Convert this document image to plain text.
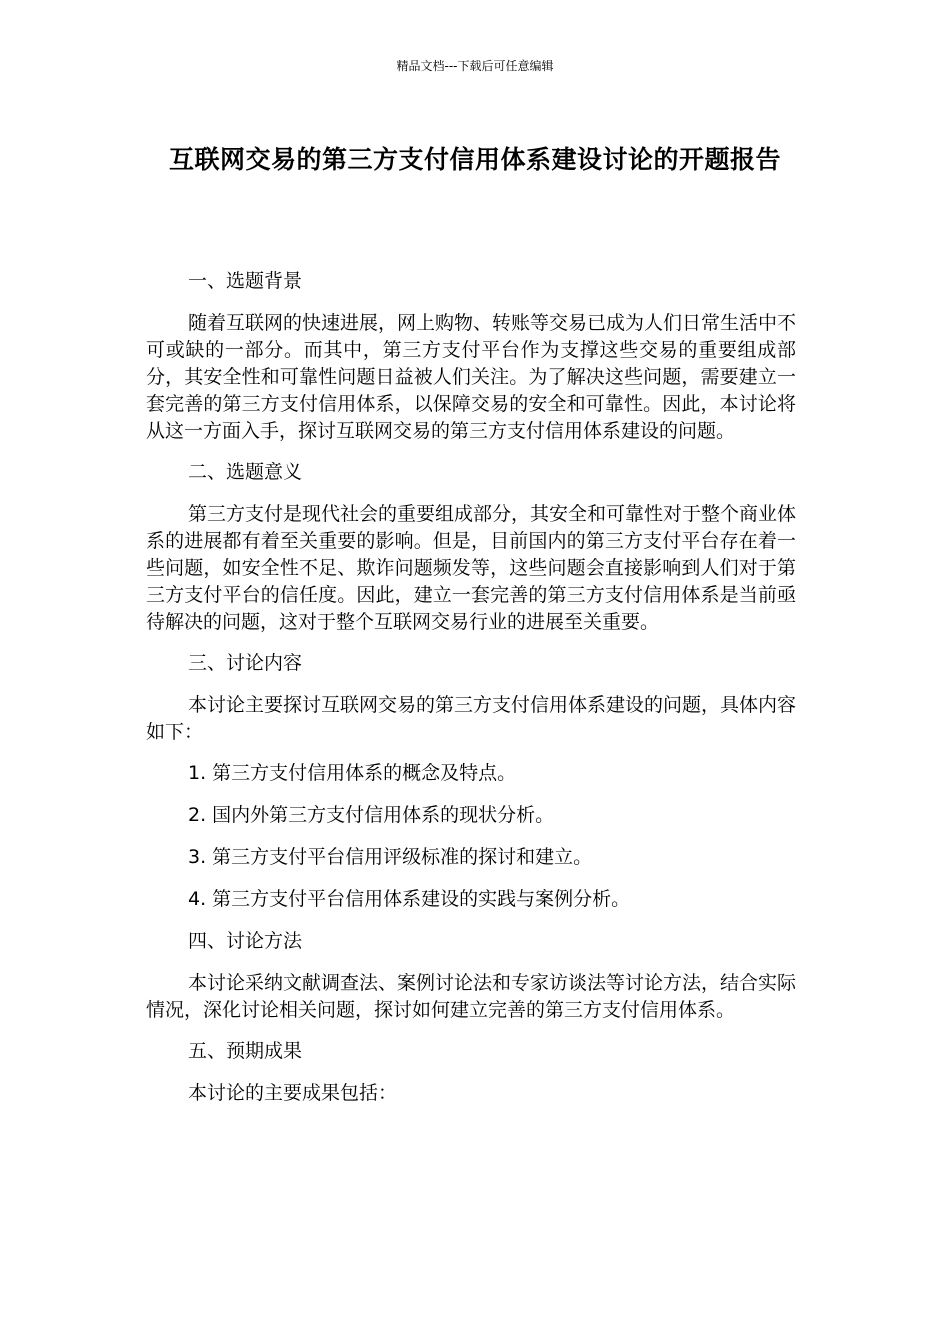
精品文档---下载后可任意编辑
互联网交易的第三方支付信用体系建设讨论的开题报告
一、选题背景
随着互联网的快速进展，网上购物、转账等交易已成为人们日常生活中不可或缺的一部分。而其中，第三方支付平台作为支撑这些交易的重要组成部分，其安全性和可靠性问题日益被人们关注。为了解决这些问题，需要建立一套完善的第三方支付信用体系，以保障交易的安全和可靠性。因此，本讨论将从这一方面入手，探讨互联网交易的第三方支付信用体系建设的问题。
二、选题意义
第三方支付是现代社会的重要组成部分，其安全和可靠性对于整个商业体系的进展都有着至关重要的影响。但是，目前国内的第三方支付平台存在着一些问题，如安全性不足、欺诈问题频发等，这些问题会直接影响到人们对于第三方支付平台的信任度。因此，建立一套完善的第三方支付信用体系是当前亟待解决的问题，这对于整个互联网交易行业的进展至关重要。
三、讨论内容
本讨论主要探讨互联网交易的第三方支付信用体系建设的问题，具体内容如下：
1. 第三方支付信用体系的概念及特点。
2. 国内外第三方支付信用体系的现状分析。
3. 第三方支付平台信用评级标准的探讨和建立。
4. 第三方支付平台信用体系建设的实践与案例分析。
四、讨论方法
本讨论采纳文献调查法、案例讨论法和专家访谈法等讨论方法，结合实际情况，深化讨论相关问题，探讨如何建立完善的第三方支付信用体系。
五、预期成果
本讨论的主要成果包括：
